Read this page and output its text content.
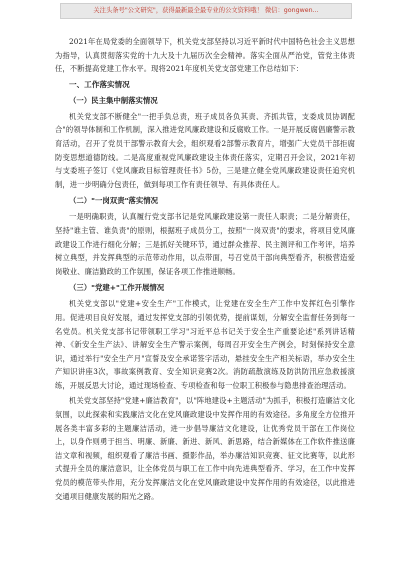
关注头条号"公文研究"，获得最新最全最专业的公文资料哦！ 微信：gongwen...

2021年在局党委的全面领导下，机关党支部坚持以习近平新时代中国特色社会主义思想为指导，认真贯彻落实党的十九大及十九届历次全会精神。落实全面从严治党，管党主体责任，不断提高党建工作水平。现将2021年度机关党支部党建工作总结如下：

一、工作落实情况
（一）民主集中制落实情况

机关党支部不断健全"一把手负总责，班子成员各负其责、齐抓共管，支委成员协调配合"的领导体制和工作机制，深入推进党风廉政建设和反腐败工作。一是开展反腐倡廉警示教育活动，召开了党员干部警示教育大会，组织观看2部警示教育片，增强广大党员干部拒腐防变思想道德防线。二是高度重视党风廉政建设主体责任落实，定期召开会议，2021年初与支委班子签订《党风廉政目标管理责任书》5份，三是建立健全党风廉政建设责任追究机制，进一步明确分包责任，做到每项工作有责任领导、有具体责任人。

（二）"一岗双责"落实情况

一是明确职责，认真履行党支部书记是党风廉政建设第一责任人职责；二是分解责任，坚持"谁主管、谁负责"的原则，根据班子成员分工，按照"一岗双责"的要求，将项目党风廉政建设工作进行细化分解；三是抓好关键环节，通过群众推荐、民主测评和工作考评，培养树立典型，并发挥典型的示范带动作用，以点带面，号召党员干部向典型看齐，积极营造爱岗敬业、廉洁勤政的工作氛围，保证各项工作推进顺畅。

（三）"党建+"工作开展情况

机关党支部以"党建+安全生产"工作模式，让党建在安全生产工作中发挥红色引擎作用。促进项目良好发展，通过发挥党支部的引领优势，提前谋划，分解安全监督任务到每一名党员。机关党支部书记带领职工学习"习近平总书记关于安全生产重要论述"系列讲话精神、《新安全生产法》、讲解安全生产警示案例，每周召开安全生产例会，时刻保持安全意识，通过举行"安全生产月"宣誓及安全承诺签字活动，悬挂安全生产相关标语，举办安全生产知识讲座3次，事故案例教育、安全知识竞赛2次。消防疏散演练及防洪防汛应急救援演练，开展反思大讨论，通过现场检查、专项检查和每一位职工积极参与隐患排查治理活动。

机关党支部坚持"党建+廉洁教育"，以"阵地建设+主题活动"为抓手，积极打造廉洁文化氛围，以此探索和实践廉洁文化在党风廉政建设中发挥作用的有效途径。多角度全方位推开展各类丰富多彩的主题廉洁活动，进一步倡导廉洁文化建设，让优秀党员干部在工作岗位上，以身作则勇于担当、明廉、新廉、新进、新风、新思路，结合新媒体在工作软件推送廉洁文章和视频，组织观看了廉洁书画、摄影作品，举办廉洁知识竞赛、征文比赛等，以此形式提升全员的廉洁意识，让全体党员与职工在工作中向先进典型看齐、学习，在工作中发挥党员的模范带头作用，充分发挥廉洁文化在党风廉政建设中发挥作用的有效途径，以此推进交通项目健康发展的阳光之路。
